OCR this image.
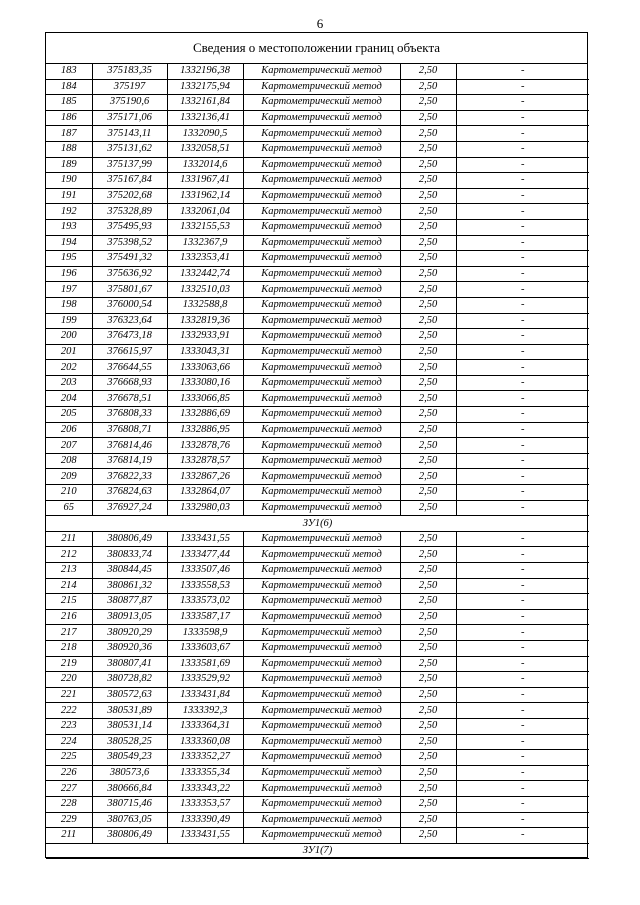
6
Сведения о местоположении границ объекта
183	375183,35	1332196,38	Картометрический метод	2,50	-
184	375197	1332175,94	Картометрический метод	2,50	-
185	375190,6	1332161,84	Картометрический метод	2,50	-
186	375171,06	1332136,41	Картометрический метод	2,50	-
187	375143,11	1332090,5	Картометрический метод	2,50	-
188	375131,62	1332058,51	Картометрический метод	2,50	-
189	375137,99	1332014,6	Картометрический метод	2,50	-
190	375167,84	1331967,41	Картометрический метод	2,50	-
191	375202,68	1331962,14	Картометрический метод	2,50	-
192	375328,89	1332061,04	Картометрический метод	2,50	-
193	375495,93	1332155,53	Картометрический метод	2,50	-
194	375398,52	1332367,9	Картометрический метод	2,50	-
195	375491,32	1332353,41	Картометрический метод	2,50	-
196	375636,92	1332442,74	Картометрический метод	2,50	-
197	375801,67	1332510,03	Картометрический метод	2,50	-
198	376000,54	1332588,8	Картометрический метод	2,50	-
199	376323,64	1332819,36	Картометрический метод	2,50	-
200	376473,18	1332933,91	Картометрический метод	2,50	-
201	376615,97	1333043,31	Картометрический метод	2,50	-
202	376644,55	1333063,66	Картометрический метод	2,50	-
203	376668,93	1333080,16	Картометрический метод	2,50	-
204	376678,51	1333066,85	Картометрический метод	2,50	-
205	376808,33	1332886,69	Картометрический метод	2,50	-
206	376808,71	1332886,95	Картометрический метод	2,50	-
207	376814,46	1332878,76	Картометрический метод	2,50	-
208	376814,19	1332878,57	Картометрический метод	2,50	-
209	376822,33	1332867,26	Картометрический метод	2,50	-
210	376824,63	1332864,07	Картометрический метод	2,50	-
65	376927,24	1332980,03	Картометрический метод	2,50	-
ЗУ1(6)					
211	380806,49	1333431,55	Картометрический метод	2,50	-
212	380833,74	1333477,44	Картометрический метод	2,50	-
213	380844,45	1333507,46	Картометрический метод	2,50	-
214	380861,32	1333558,53	Картометрический метод	2,50	-
215	380877,87	1333573,02	Картометрический метод	2,50	-
216	380913,05	1333587,17	Картометрический метод	2,50	-
217	380920,29	1333598,9	Картометрический метод	2,50	-
218	380920,36	1333603,67	Картометрический метод	2,50	-
219	380807,41	1333581,69	Картометрический метод	2,50	-
220	380728,82	1333529,92	Картометрический метод	2,50	-
221	380572,63	1333431,84	Картометрический метод	2,50	-
222	380531,89	1333392,3	Картометрический метод	2,50	-
223	380531,14	1333364,31	Картометрический метод	2,50	-
224	380528,25	1333360,08	Картометрический метод	2,50	-
225	380549,23	1333352,27	Картометрический метод	2,50	-
226	380573,6	1333355,34	Картометрический метод	2,50	-
227	380666,84	1333343,22	Картометрический метод	2,50	-
228	380715,46	1333353,57	Картометрический метод	2,50	-
229	380763,05	1333390,49	Картометрический метод	2,50	-
211	380806,49	1333431,55	Картометрический метод	2,50	-
ЗУ1(7)					
